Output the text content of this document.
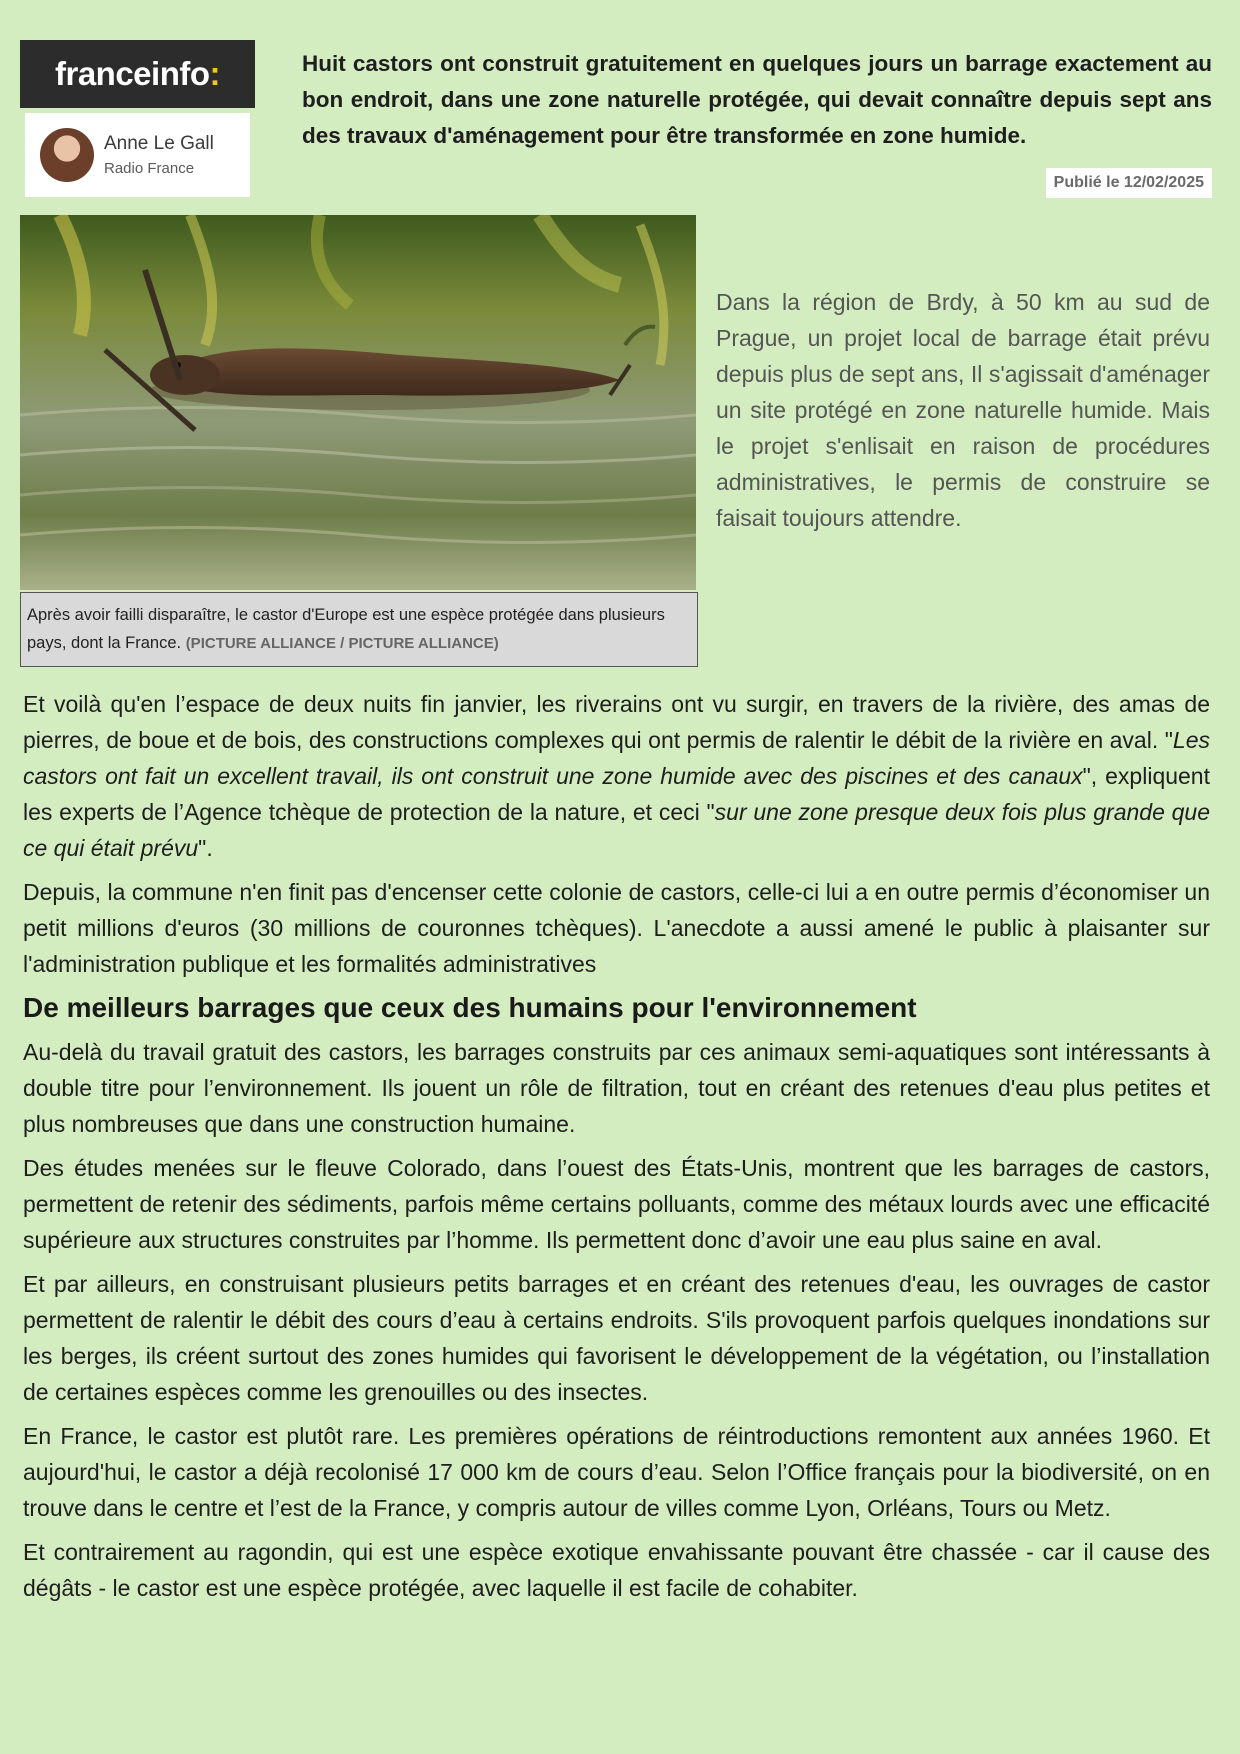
franceinfo :
Anne Le Gall
Radio France

Huit castors ont construit gratuitement en quelques jours un barrage exactement au bon endroit, dans une zone naturelle protégée, qui devait connaître depuis sept ans des travaux d'aménagement pour être transformée en zone humide.

Publié le 12/02/2025
Après avoir failli disparaître, le castor d'Europe est une espèce protégée dans plusieurs pays, dont la France. (PICTURE ALLIANCE / PICTURE ALLIANCE)

Dans la région de Brdy, à 50 km au sud de Prague, un projet local de barrage était prévu depuis plus de sept ans, Il s'agissait d'aménager un site protégé en zone naturelle humide. Mais le projet s'enlisait en raison de procédures administratives, le permis de construire se faisait toujours attendre.

Et voilà qu'en l’espace de deux nuits fin janvier, les riverains ont vu surgir, en travers de la rivière, des amas de pierres, de boue et de bois, des constructions complexes qui ont permis de ralentir le débit de la rivière en aval. "Les castors ont fait un excellent travail, ils ont construit une zone humide avec des piscines et des canaux", expliquent les experts de l’Agence tchèque de protection de la nature, et ceci "sur une zone presque deux fois plus grande que ce qui était prévu".

Depuis, la commune n'en finit pas d'encenser cette colonie de castors, celle-ci lui a en outre permis d’économiser un petit millions d'euros (30 millions de couronnes tchèques). L'anecdote a aussi amené le public à plaisanter sur l'administration publique et les formalités administratives

De meilleurs barrages que ceux des humains pour l'environnement

Au-delà du travail gratuit des castors, les barrages construits par ces animaux semi-aquatiques sont intéressants à double titre pour l’environnement. Ils jouent un rôle de filtration, tout en créant des retenues d'eau plus petites et plus nombreuses que dans une construction humaine.

Des études menées sur le fleuve Colorado, dans l’ouest des États-Unis, montrent que les barrages de castors, permettent de retenir des sédiments, parfois même certains polluants, comme des métaux lourds avec une efficacité supérieure aux structures construites par l’homme. Ils permettent donc d’avoir une eau plus saine en aval.

Et par ailleurs, en construisant plusieurs petits barrages et en créant des retenues d'eau, les ouvrages de castor permettent de ralentir le débit des cours d’eau à certains endroits. S'ils provoquent parfois quelques inondations sur les berges, ils créent surtout des zones humides qui favorisent le développement de la végétation, ou l’installation de certaines espèces comme les grenouilles ou des insectes.

En France, le castor est plutôt rare. Les premières opérations de réintroductions remontent aux années 1960. Et aujourd'hui, le castor a déjà recolonisé 17 000 km de cours d’eau. Selon l’Office français pour la biodiversité, on en trouve dans le centre et l’est de la France, y compris autour de villes comme Lyon, Orléans, Tours ou Metz.

Et contrairement au ragondin, qui est une espèce exotique envahissante pouvant être chassée - car il cause des dégâts - le castor est une espèce protégée, avec laquelle il est facile de cohabiter.
